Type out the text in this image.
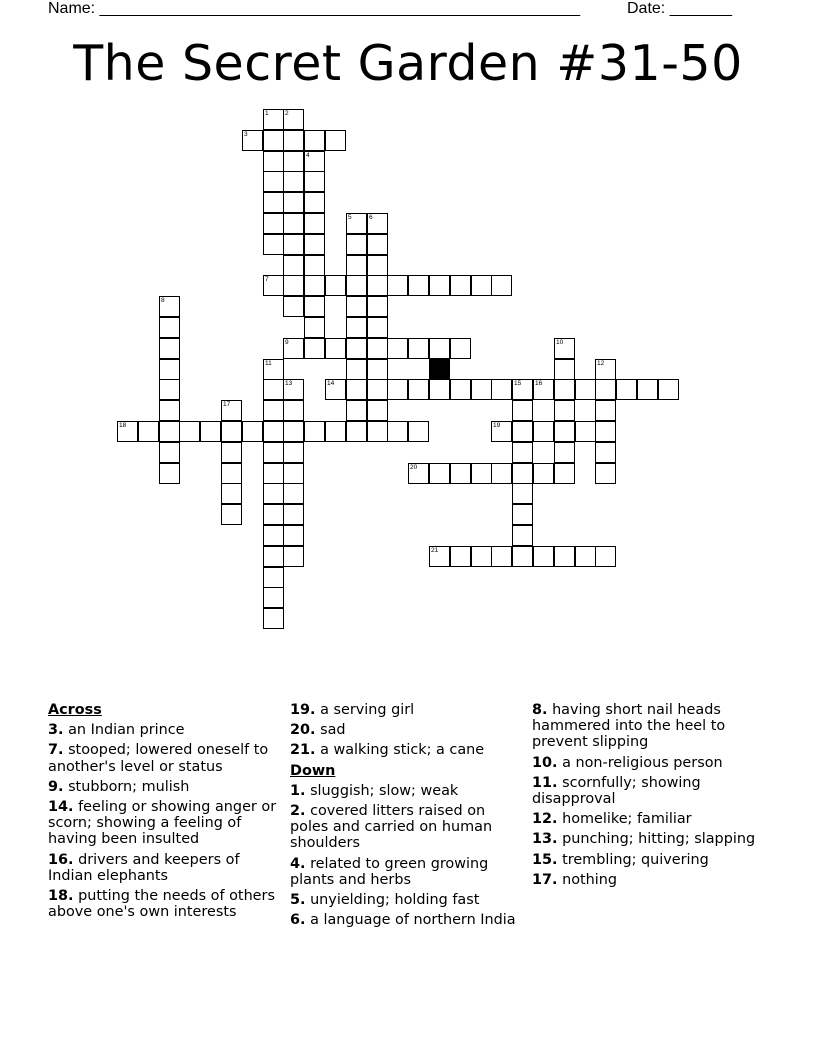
Name: ______________________________________________________	Date: _______
The Secret Garden #31-50
1	2
3
4
5	6
7
8
9	10
11	12
13	14	15 16
17
18	19
20
21
Across
3. an Indian prince
7. stooped; lowered oneself to another's level or status
9. stubborn; mulish
14. feeling or showing anger or scorn; showing a feeling of having been insulted
16. drivers and keepers of Indian elephants
18. putting the needs of others above one's own interests
19. a serving girl
20. sad
21. a walking stick; a cane
Down
1. sluggish; slow; weak
2. covered litters raised on poles and carried on human shoulders
4. related to green growing plants and herbs
5. unyielding; holding fast
6. a language of northern India
8. having short nail heads hammered into the heel to prevent slipping
10. a non-religious person
11. scornfully; showing disapproval
12. homelike; familiar
13. punching; hitting; slapping
15. trembling; quivering
17. nothing
